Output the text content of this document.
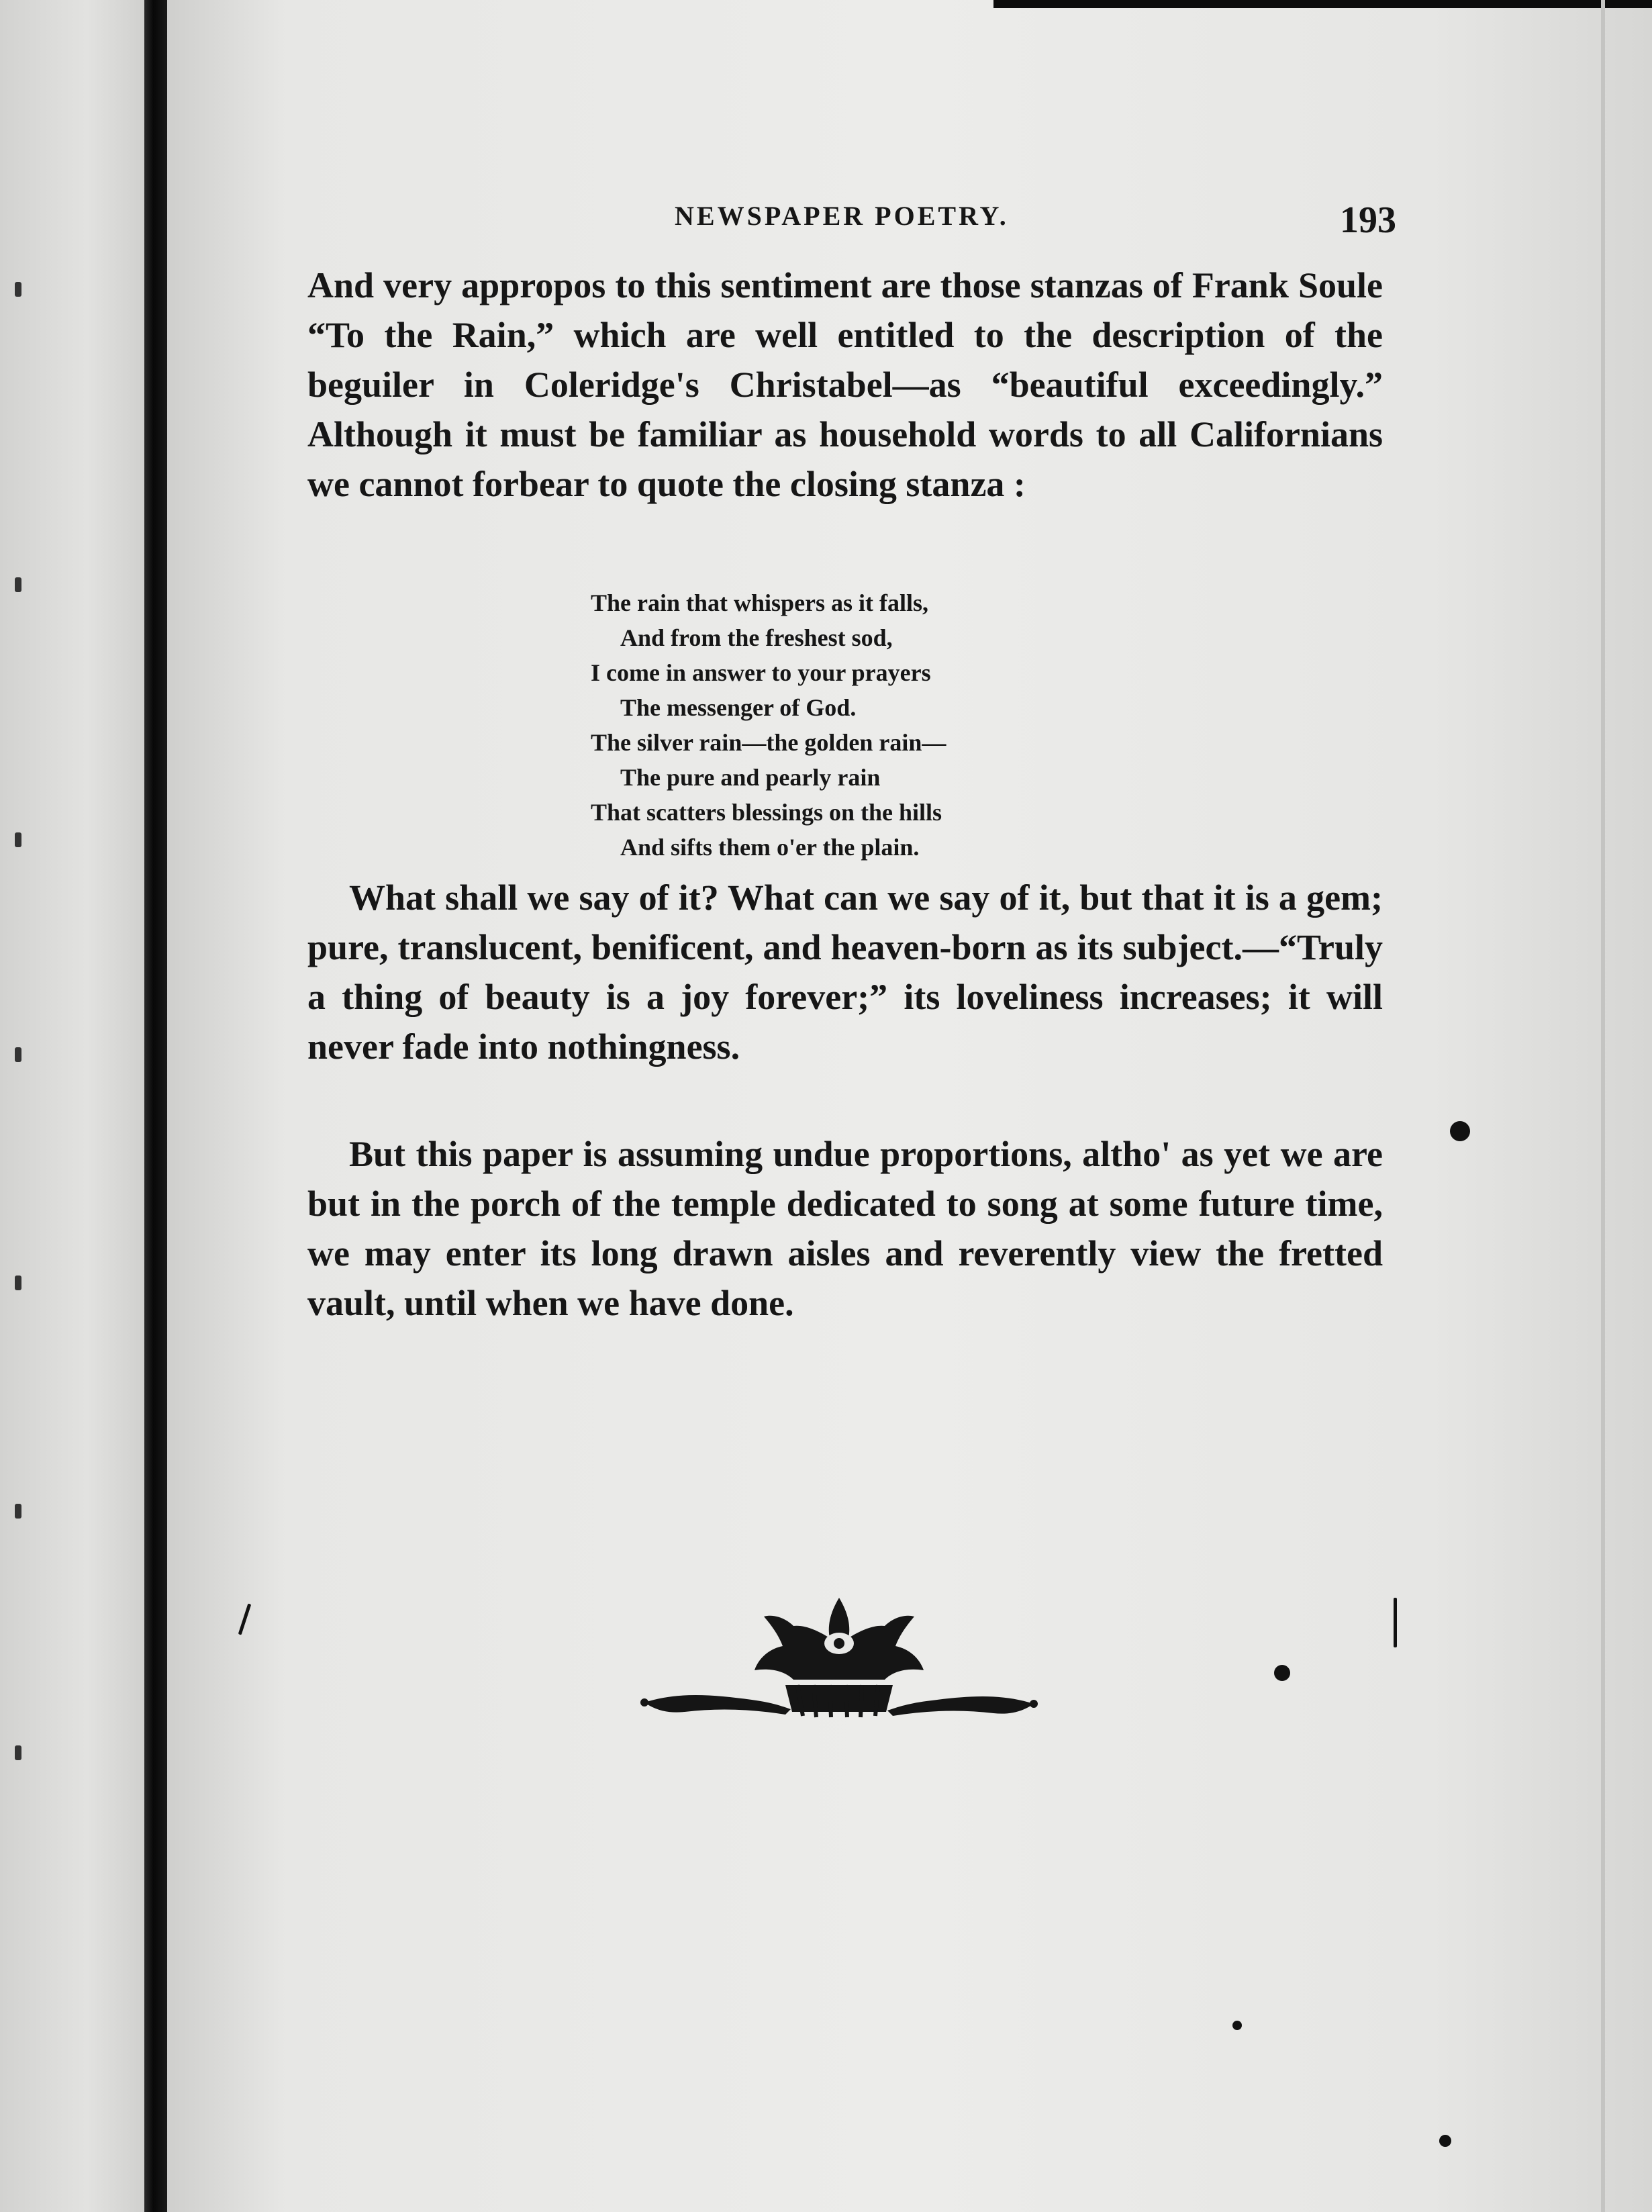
NEWSPAPER POETRY.	193

And very appropos to this sentiment are those stanzas of Frank Soule “To the Rain,” which are well entitled to the description of the beguiler in Coleridge's Christabel—as “beautiful exceedingly.” Although it must be familiar as household words to all Californians we cannot forbear to quote the closing stanza :

The rain that whispers as it falls,
And from the freshest sod,
I come in answer to your prayers
The messenger of God.
The silver rain—the golden rain—
The pure and pearly rain
That scatters blessings on the hills
And sifts them o'er the plain.

What shall we say of it? What can we say of it, but that it is a gem; pure, translucent, benificent, and heaven-born as its subject.—“Truly a thing of beauty is a joy forever;” its loveliness increases; it will never fade into nothingness.

But this paper is assuming undue proportions, altho' as yet we are but in the porch of the temple dedicated to song at some future time, we may enter its long drawn aisles and reverently view the fretted vault, until when we have done.
